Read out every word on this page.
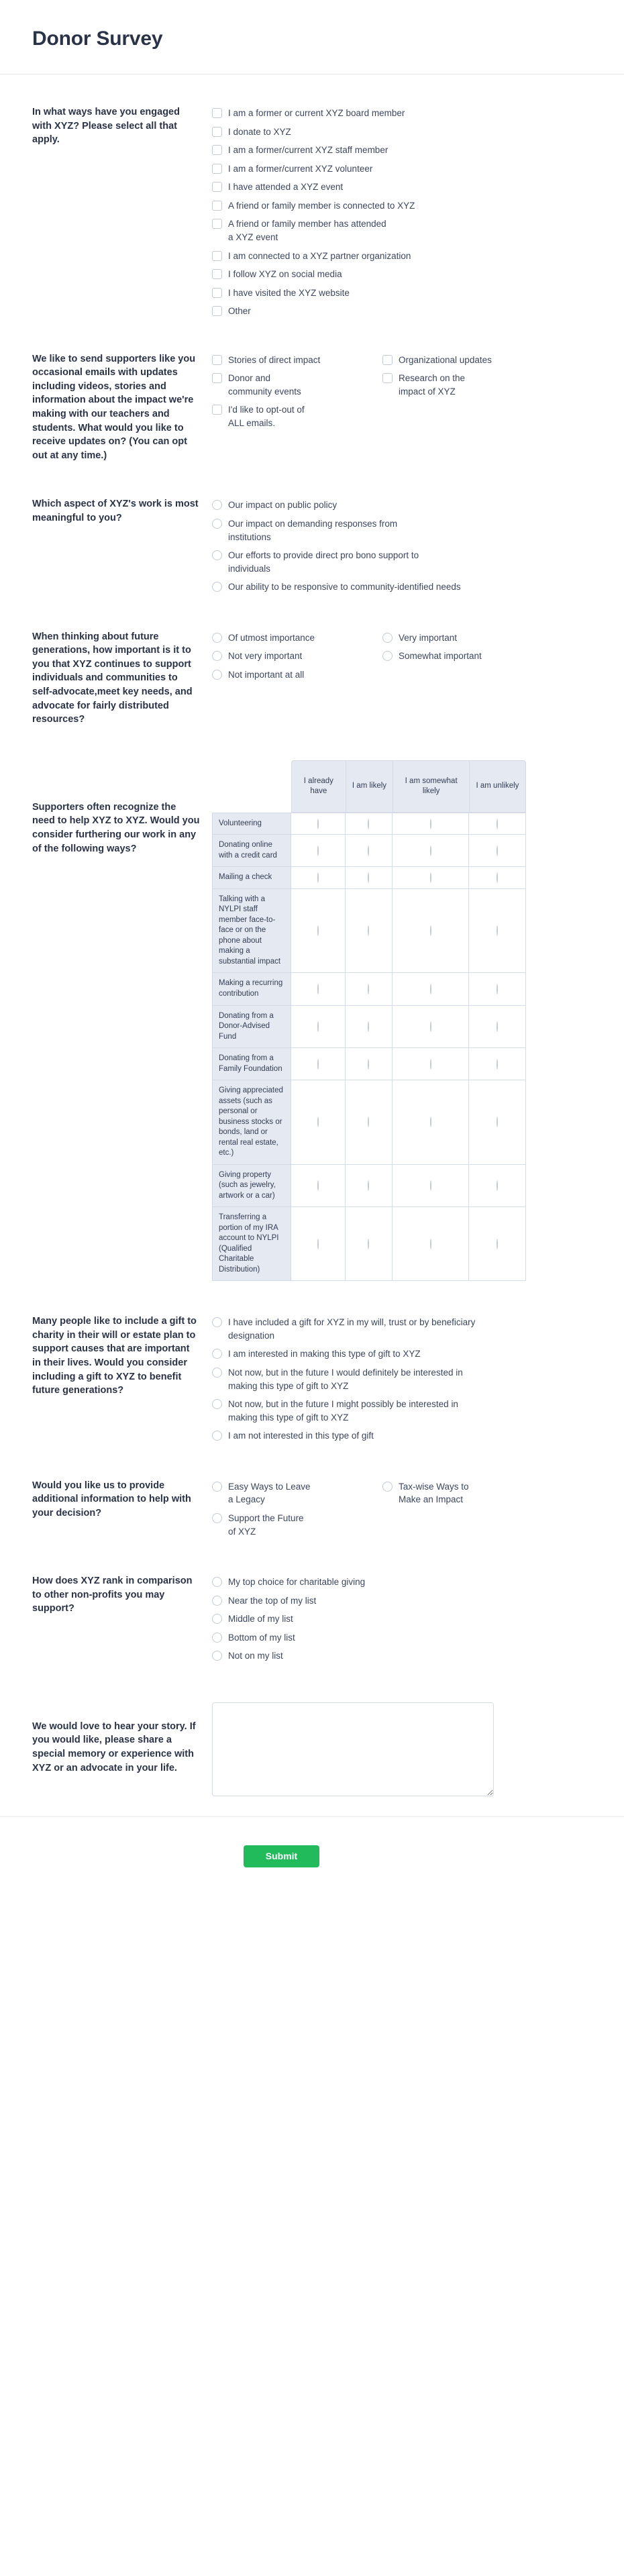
Donor Survey
In what ways have you engaged with XYZ? Please select all that apply.
I am a former or current XYZ board member
I donate to XYZ
I am a former/current XYZ staff member
I am a former/current XYZ volunteer
I have attended a XYZ event
A friend or family member is connected to XYZ
A friend or family member has attended a XYZ event
I am connected to a XYZ partner organization
I follow XYZ on social media
I have visited the XYZ website
Other
We like to send supporters like you occasional emails with updates including videos, stories and information about the impact we're making with our teachers and students. What would you like to receive updates on? (You can opt out at any time.)
Stories of direct impact	Organizational updates
Donor and community events
Research on the impact of XYZ
I'd like to opt-out of ALL emails.
Which aspect of XYZ's work is most meaningful to you?
Our impact on public policy
Our impact on demanding responses from institutions
Our efforts to provide direct pro bono support to individuals
Our ability to be responsive to community-identified needs
When thinking about future generations, how important is it to you that XYZ continues to support individuals and communities to self-advocate,meet key needs, and advocate for fairly distributed resources?
Of utmost importance	Very important
Not very important	Somewhat important
Not important at all
Supporters often recognize the need to help XYZ to XYZ. Would you consider furthering our work in any of the following ways?
	I already have	I am likely	I am somewhat likely	I am unlikely
Volunteering				
Donating online with a credit card				
Mailing a check				
Talking with a NYLPI staff member face-to-face or on the phone about making a substantial impact				
Making a recurring contribution				
Donating from a Donor-Advised Fund				
Donating from a Family Foundation				
Giving appreciated assets (such as personal or business stocks or bonds, land or rental real estate, etc.)				
Giving property (such as jewelry, artwork or a car)				
Transferring a portion of my IRA account to NYLPI (Qualified Charitable Distribution)				
Many people like to include a gift to charity in their will or estate plan to support causes that are important in their lives. Would you consider including a gift to XYZ to benefit future generations?
I have included a gift for XYZ in my will, trust or by beneficiary designation
I am interested in making this type of gift to XYZ
Not now, but in the future I would definitely be interested in making this type of gift to XYZ
Not now, but in the future I might possibly be interested in making this type of gift to XYZ
I am not interested in this type of gift
Would you like us to provide additional information to help with your decision?
Easy Ways to Leave a Legacy
Tax-wise Ways to Make an Impact
Support the Future of XYZ
How does XYZ rank in comparison to other non-profits you may support?
My top choice for charitable giving
Near the top of my list
Middle of my list
Bottom of my list
Not on my list
We would love to hear your story. If you would like, please share a special memory or experience with XYZ or an advocate in your life.
Submit
